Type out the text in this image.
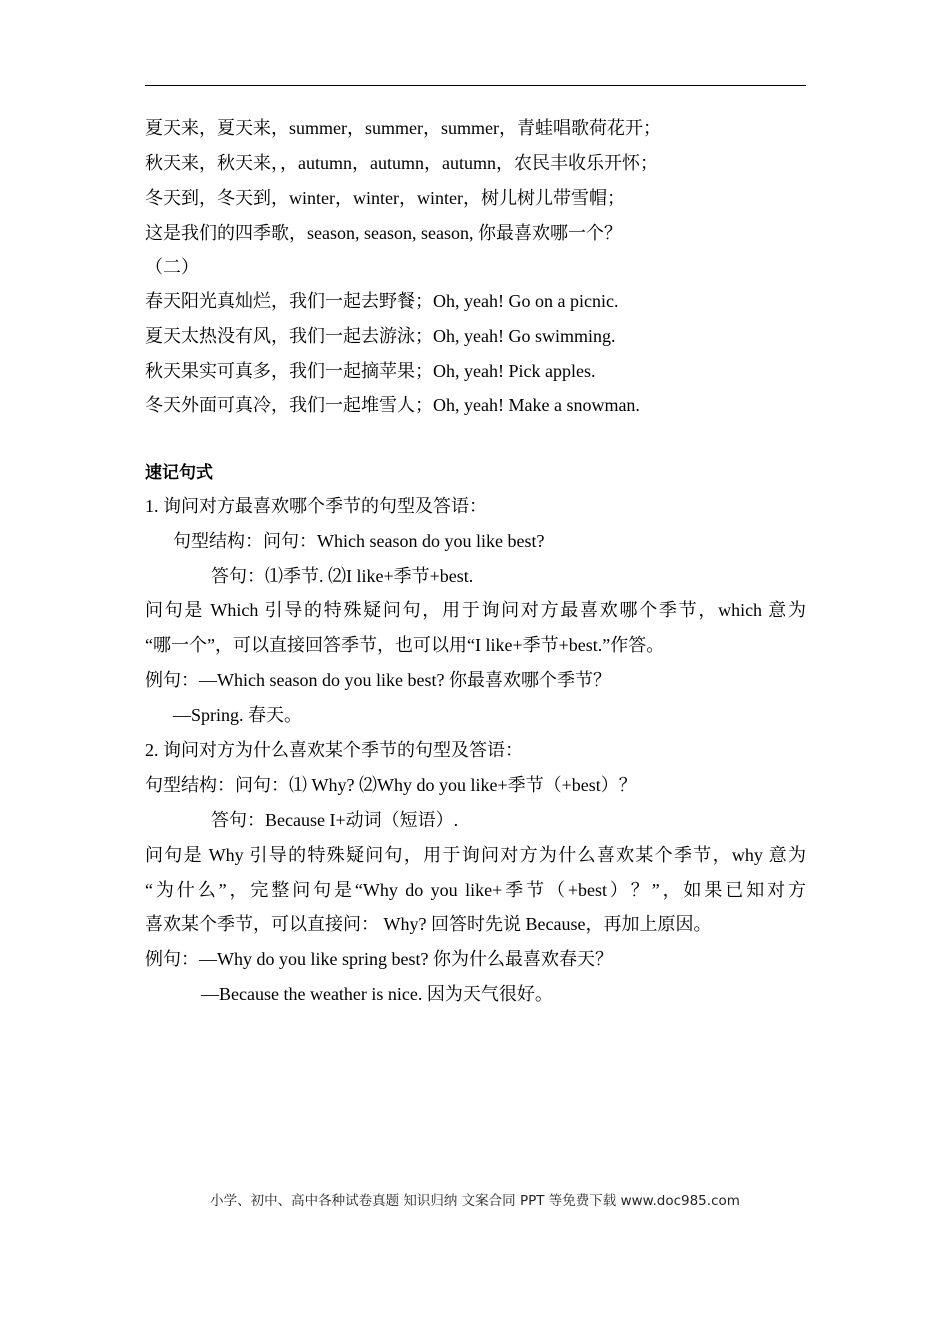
夏天来，夏天来，summer，summer，summer，青蛙唱歌荷花开；
秋天来，秋天来，，autumn，autumn，autumn，农民丰收乐开怀；
冬天到，冬天到，winter，winter，winter，树儿树儿带雪帽；
这是我们的四季歌，season, season, season, 你最喜欢哪一个？
（二）
春天阳光真灿烂，我们一起去野餐；Oh, yeah! Go on a picnic.
夏天太热没有风，我们一起去游泳；Oh, yeah! Go swimming.
秋天果实可真多，我们一起摘苹果；Oh, yeah! Pick apples.
冬天外面可真冷，我们一起堆雪人；Oh, yeah! Make a snowman.
速记句式
1. 询问对方最喜欢哪个季节的句型及答语：
句型结构：问句：Which season do you like best?
答句：⑴季节. ⑵I like+季节+best.
问句是 Which 引导的特殊疑问句，用于询问对方最喜欢哪个季节，which 意为
“哪一个”，可以直接回答季节，也可以用“I like+季节+best.”作答。
例句：—Which season do you like best? 你最喜欢哪个季节？
—Spring. 春天。
2. 询问对方为什么喜欢某个季节的句型及答语：
句型结构：问句：⑴ Why? ⑵Why do you like+季节（+best）？
答句：Because I+动词（短语）.
问句是 Why 引导的特殊疑问句，用于询问对方为什么喜欢某个季节，why 意为
“为什么”，完整问句是“Why do you like+季节（+best）？”，如果已知对方
喜欢某个季节，可以直接问： Why? 回答时先说 Because，再加上原因。
例句：—Why do you like spring best? 你为什么最喜欢春天？
—Because the weather is nice. 因为天气很好。
小学、初中、高中各种试卷真题 知识归纳 文案合同 PPT 等免费下载 www.doc985.com
